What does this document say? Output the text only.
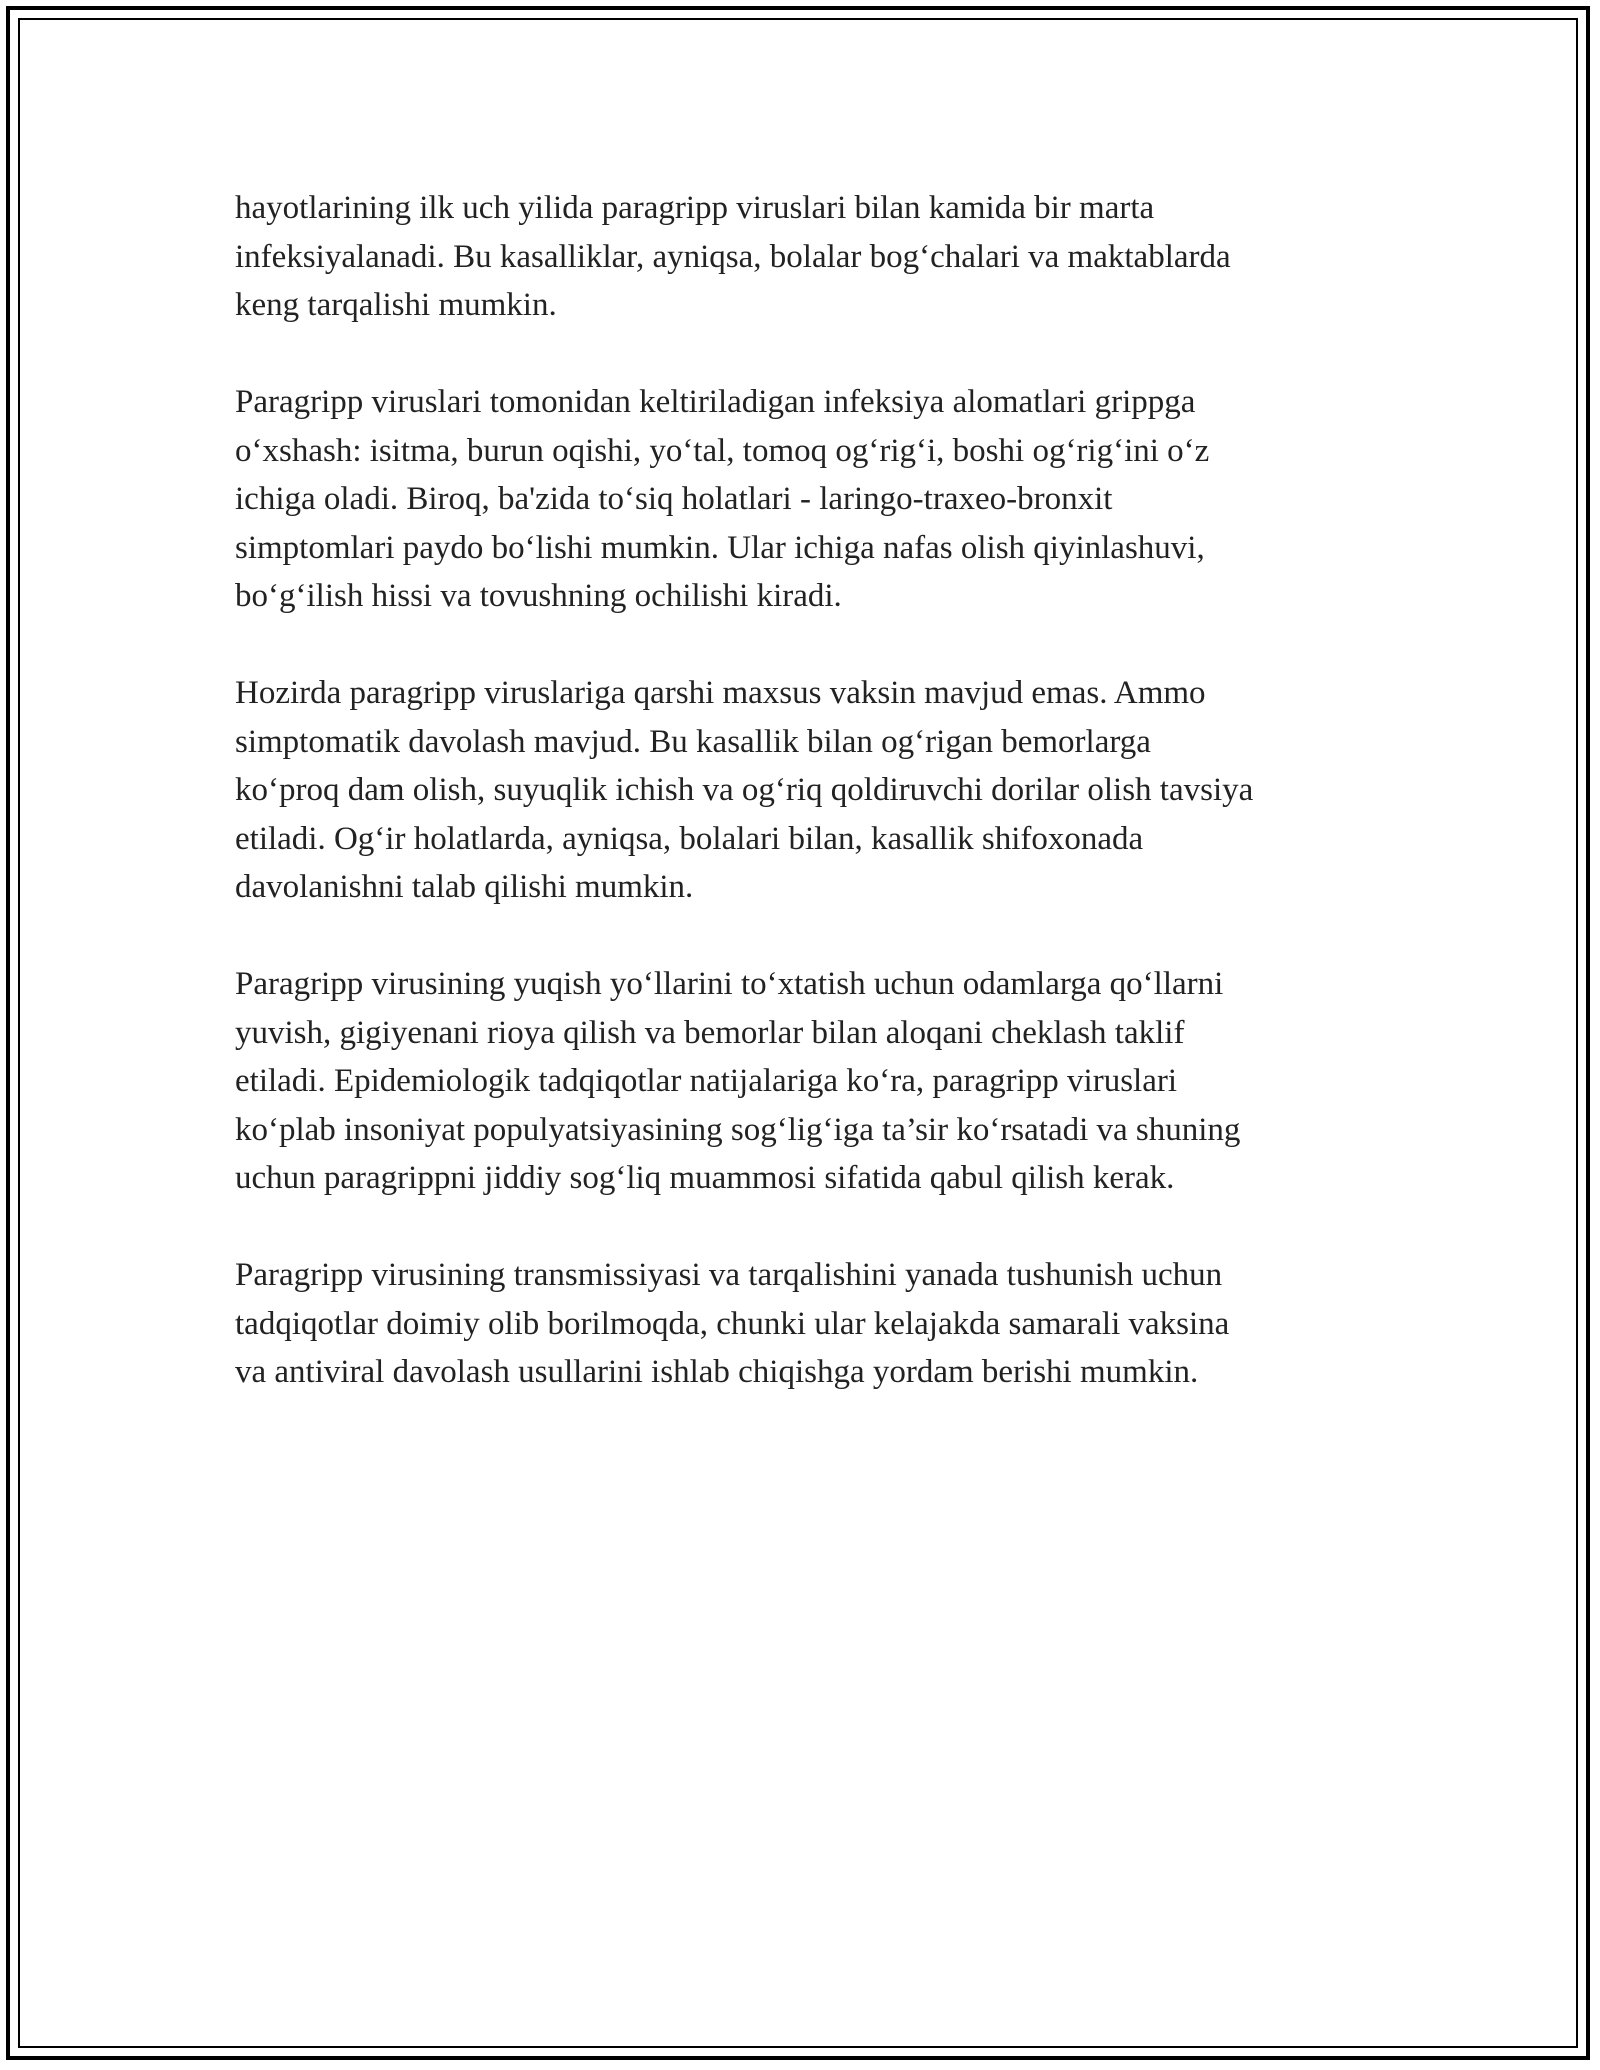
hayotlarining ilk uch yilida paragripp viruslari bilan kamida bir marta
infeksiyalanadi. Bu kasalliklar, ayniqsa, bolalar bog‘chalari va maktablarda
keng tarqalishi mumkin.

Paragripp viruslari tomonidan keltiriladigan infeksiya alomatlari grippga
o‘xshash: isitma, burun oqishi, yo‘tal, tomoq og‘rig‘i, boshi og‘rig‘ini o‘z
ichiga oladi. Biroq, ba'zida to‘siq holatlari - laringo-traxeo-bronxit
simptomlari paydo bo‘lishi mumkin. Ular ichiga nafas olish qiyinlashuvi,
bo‘g‘ilish hissi va tovushning ochilishi kiradi.

Hozirda paragripp viruslariga qarshi maxsus vaksin mavjud emas. Ammo
simptomatik davolash mavjud. Bu kasallik bilan og‘rigan bemorlarga
ko‘proq dam olish, suyuqlik ichish va og‘riq qoldiruvchi dorilar olish tavsiya
etiladi. Og‘ir holatlarda, ayniqsa, bolalari bilan, kasallik shifoxonada
davolanishni talab qilishi mumkin.

Paragripp virusining yuqish yo‘llarini to‘xtatish uchun odamlarga qo‘llarni
yuvish, gigiyenani rioya qilish va bemorlar bilan aloqani cheklash taklif
etiladi. Epidemiologik tadqiqotlar natijalariga ko‘ra, paragripp viruslari
ko‘plab insoniyat populyatsiyasining sog‘lig‘iga ta’sir ko‘rsatadi va shuning
uchun paragrippni jiddiy sog‘liq muammosi sifatida qabul qilish kerak.

Paragripp virusining transmissiyasi va tarqalishini yanada tushunish uchun
tadqiqotlar doimiy olib borilmoqda, chunki ular kelajakda samarali vaksina
va antiviral davolash usullarini ishlab chiqishga yordam berishi mumkin.
